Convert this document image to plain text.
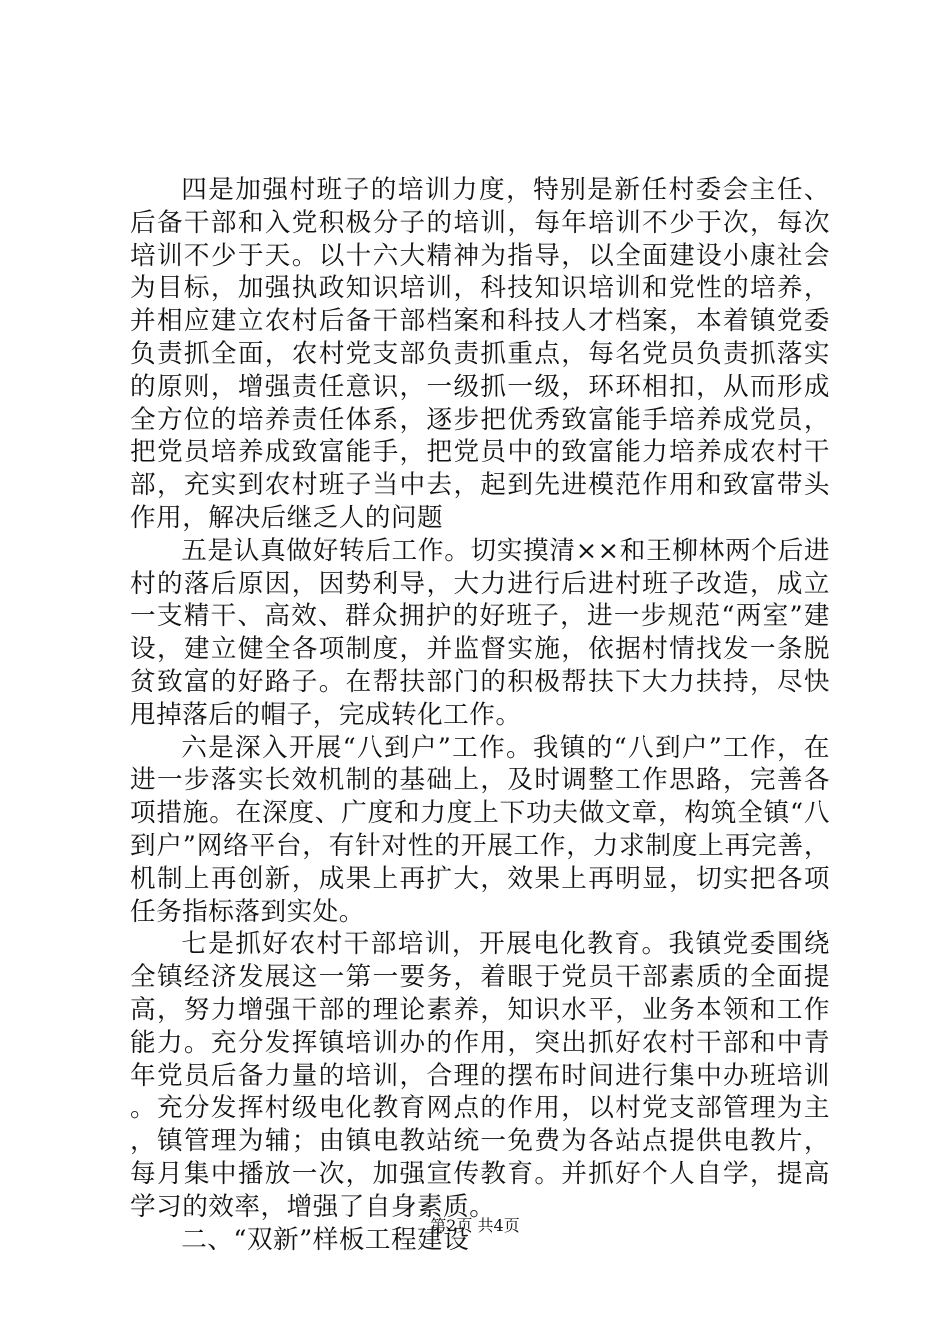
四是加强村班子的培训力度，特别是新任村委会主任、后备干部和入党积极分子的培训，每年培训不少于次，每次培训不少于天。以十六大精神为指导，以全面建设小康社会为目标，加强执政知识培训，科技知识培训和党性的培养，并相应建立农村后备干部档案和科技人才档案，本着镇党委负责抓全面，农村党支部负责抓重点，每名党员负责抓落实的原则，增强责任意识，一级抓一级，环环相扣，从而形成全方位的培养责任体系，逐步把优秀致富能手培养成党员，把党员培养成致富能手，把党员中的致富能力培养成农村干部，充实到农村班子当中去，起到先进模范作用和致富带头作用，解决后继乏人的问题

五是认真做好转后工作。切实摸清××和王柳林两个后进村的落后原因，因势利导，大力进行后进村班子改造，成立一支精干、高效、群众拥护的好班子，进一步规范“两室”建设，建立健全各项制度，并监督实施，依据村情找发一条脱贫致富的好路子。在帮扶部门的积极帮扶下大力扶持，尽快甩掉落后的帽子，完成转化工作。

六是深入开展“八到户”工作。我镇的“八到户”工作，在进一步落实长效机制的基础上，及时调整工作思路，完善各项措施。在深度、广度和力度上下功夫做文章，构筑全镇“八到户”网络平台，有针对性的开展工作，力求制度上再完善，机制上再创新，成果上再扩大，效果上再明显，切实把各项任务指标落到实处。

七是抓好农村干部培训，开展电化教育。我镇党委围绕全镇经济发展这一第一要务，着眼于党员干部素质的全面提高，努力增强干部的理论素养，知识水平，业务本领和工作能力。充分发挥镇培训办的作用，突出抓好农村干部和中青年党员后备力量的培训，合理的摆布时间进行集中办班培训。充分发挥村级电化教育网点的作用，以村党支部管理为主，镇管理为辅；由镇电教站统一免费为各站点提供电教片，每月集中播放一次，加强宣传教育。并抓好个人自学，提高学习的效率，增强了自身素质。

二、“双新”样板工程建设

第2页 共4页
